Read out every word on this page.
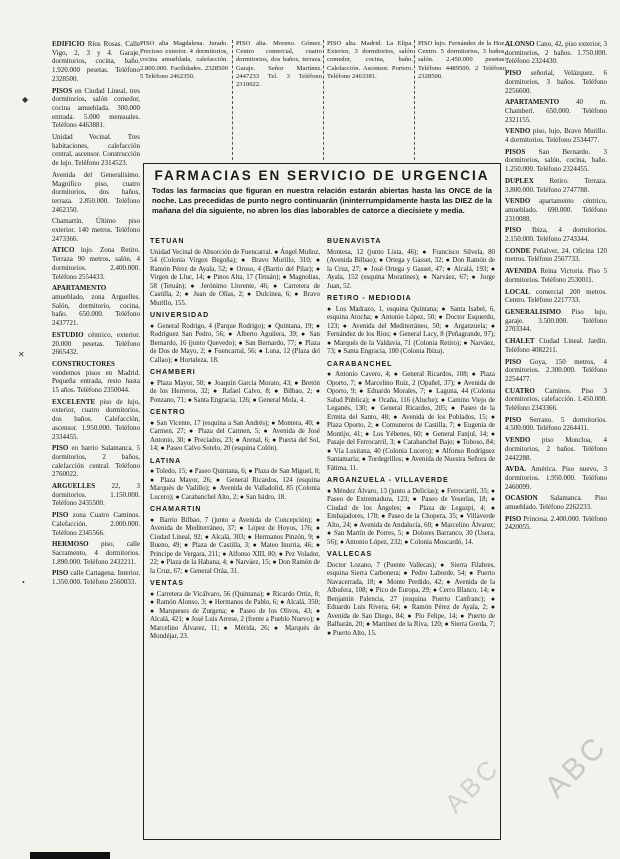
PISO alta Magdalena. Jurado. Precioso exterior. 4 dormitorios, cocina amueblada, calefacción. 2.800.000. Facilidades. 2328500 5 Teléfono 2462350.
PISO alta. Moreno. Gómez. Centro comercial, cuatro dormitorios, dos baños, terraza. Garaje. Señor Martínez. 2447233 Tel. 3 Teléfono 2310022.
PISO alta. Madrid. La Elipa. Exterior, 3 dormitorios, salón comedor, cocina, baño. Calefacción. Ascensor. Portero. Teléfono 2463381.
PISO lujo. Fernández de la Hoz. Centro. 5 dormitorios, 3 baños, salón. 2.450.000 pesetas. Teléfono 4489500. 2 Teléfono 2328500.

EDIFICIO Ríos Rosas. Calle Vigo, 2, 3 y 4. Garaje, dormitorios, cocina, baño. 1.920.000 pesetas. Teléfono 2328500.

PISOS en Ciudad Lineal, tres dormitorios, salón comedor, cocina amueblada. 300.000 entrada. 5.000 mensuales. Teléfono 4463881.

Unidad Vecinal. Tres habitaciones, calefacción central, ascensor. Construcción de lujo. Teléfono 2314523.

Avenida del Generalísimo. Magnífico piso, cuatro dormitorios, dos baños, terraza. 2.850.000. Teléfono 2462350.

Chamartín. Último piso exterior. 140 metros. Teléfono 2473366.

ATICO lujo. Zona Retiro. Terraza 90 metros, salón, 4 dormitorios. 2.400.000. Teléfono 2554433.

APARTAMENTO amueblado, zona Arguelles. Salón, dormitorio, cocina, baño. 650.000. Teléfono 2437721.

ESTUDIO céntrico, exterior. 20.000 pesetas. Teléfono 2665432.

CONSTRUCTORES vendemos pisos en Madrid. Pequeña entrada, resto hasta 15 años. Teléfono 2350044.

EXCELENTE piso de lujo, exterior, cuatro dormitorios, dos baños. Calefacción, ascensor. 1.950.000. Teléfono 2334455.

PISO en barrio Salamanca. 5 dormitorios, 2 baños, calefacción central. Teléfono 2760022.

ARGUELLES 22, 3 dormitorios. 1.150.000. Teléfono 2435500.

PISO zona Cuatro Caminos. Calefacción. 2.000.000. Teléfono 2345566.

HERMOSO piso, calle Sacramento, 4 dormitorios. 1.890.000. Teléfono 2432211.

PISO calle Cartagena. Interior. 1.350.000. Teléfono 2560033.

ALONSO Cano, 42, piso exterior, 3 dormitorios, 2 baños. 1.750.000. Teléfono 2324430.

PISO señorial, Velázquez. 6 dormitorios, 3 baños. Teléfono 2256600.

APARTAMENTO 40 m. Chamberí. 650.000. Teléfono 2321155.

VENDO piso, lujo, Bravo Murillo. 4 dormitorios. Teléfono 2534477.

PISOS San Bernardo. 3 dormitorios, salón, cocina, baño. 1.250.000. Teléfono 2324455.

DUPLEX Retiro. Terraza. 3.800.000. Teléfono 2747788.

VENDO apartamento céntrico, amueblado. 690.000. Teléfono 2310088.

PISO Ibiza, 4 dormitorios. 2.150.000. Teléfono 2743344.

CONDE Peñalver, 24. Oficina 120 metros. Teléfono 2567733.

AVENIDA Reina Victoria. Piso 5 dormitorios. Teléfono 2530011.

LOCAL comercial 200 metros. Centro. Teléfono 2217733.

GENERALISIMO Piso lujo, garaje. 3.500.000. Teléfono 2703344.

CHALET Ciudad Lineal. Jardín. Teléfono 4082211.

PISO Goya, 150 metros, 4 dormitorios. 2.300.000. Teléfono 2254477.

CUATRO Caminos. Piso 3 dormitorios, calefacción. 1.450.000. Teléfono 2343366.

PISO Serrano. 5 dormitorios. 4.500.000. Teléfono 2264411.

VENDO piso Moncloa, 4 dormitorios, 2 baños. Teléfono 2442288.

AVDA. América. Piso nuevo, 3 dormitorios. 1.950.000. Teléfono 2460099.

OCASION Salamanca. Piso amueblado. Teléfono 2262233.

PISO Princesa. 2.400.000. Teléfono 2420055.

FARMACIAS EN SERVICIO DE URGENCIA
Todas las farmacias que figuran en nuestra relación estarán abiertas hasta las ONCE de la noche. Las precedidas de punto negro continuarán (ininterrumpidamente hasta las DIEZ de la mañana del día siguiente, no abren los días laborables de catorce a diecisiete y media.
TETUAN
Unidad Vecinal de Absorción de Fuencarral. ● Ángel Muñoz, 54 (Colonia Virgen Begoña); ● Bravo Murillo, 310; ● Ramón Pérez de Ayala, 52; ● Oroso, 4 (Barrio del Pilar); ● Virgen de Lluc, 14; ● Pinos Alta, 17 (Tetuán); ● Magnolias, 58 (Tetuán); ● Jerónimo Llorente, 46; ● Carretera de Castilla, 2; ● Juan de Olías, 2; ● Dulcinea, 6; ● Bravo Murillo, 155.
UNIVERSIDAD
● General Rodrigo, 4 (Parque Rodrigo); ● Quintana, 19; ● Rodríguez San Pedro, 56; ● Alberto Aguilera, 39; ● San Bernardo, 16 (junto Quevedo); ● San Bernardo, 77; ● Plaza de Dos de Mayo, 2; ● Fuencarral, 56; ● Luna, 12 (Plaza del Callao); ● Hortaleza, 18.
CHAMBERI
● Plaza Mayor, 50; ● Joaquín García Morato, 43; ● Bretón de los Herreros, 32; ● Rafael Calvo, 8; ● Bilbao, 2; ● Ponzano, 71; ● Santa Engracia, 126; ● General Mola, 4.
CENTRO
● San Vicente, 17 (esquina a San Andrés); ● Montera, 40; ● Carmen, 27; ● Plaza del Carmen, 5; ● Avenida de José Antonio, 30; ● Preciados, 23; ● Arenal, 6; ● Puerta del Sol, 14; ● Paseo Calvo Sotelo, 20 (esquina Colón).
LATINA
● Toledo, 15; ● Paseo Quintana, 6; ● Plaza de San Miguel, 8; ● Plaza Mayor, 26; ● General Ricardos, 124 (esquina Marqués de Vadillo); ● Avenida de Valladolid, 85 (Colonia Lucero); ● Carabanchel Alto, 2; ● San Isidro, 18.
CHAMARTIN
● Barrio Bilbao, 7 (junto a Avenida de Concepción); ● Avenida de Mediterráneo, 37; ● López de Hoyos, 176; ● Ciudad Lineal, 92; ● Alcalá, 303; ● Hermanos Pinzón, 9; ● Bueno, 49; ● Plaza de Castilla, 3; ● Mateo Inurria, 46; ● Principe de Vergara, 211; ● Alfonso XIII, 80; ● Pez Volador, 22; ● Plaza de la Habana, 4; ● Narváez, 15; ● Don Ramón de la Cruz, 67; ● General Oráa, 31.
VENTAS
● Carretera de Vicálvaro, 56 (Quintana); ● Ricardo Ortiz, 8; ● Ramón Alonso, 3; ● Hermanos de Pablo, 6; ● Alcalá, 350; ● Marqueses de Zurgena; ● Paseo de los Olivos, 43; ● Alcalá, 421; ● José Luis Arrese, 2 (frente a Pueblo Nuevo); ● Marcelino Álvarez, 11; ● Mérida, 26; ● Marqués de Mondéjar, 23.
BUENAVISTA
Montesa, 12 (junto Lista, 46); ● Francisco Silvela, 80 (Avenida Bilbao); ● Ortega y Gasset, 32; ● Don Ramón de la Cruz, 27; ● José Ortega y Gasset, 47; ● Alcalá, 193; ● Ayala, 152 (esquina Moratines); ● Narváez, 67; ● Jorge Juan, 52.
RETIRO - MEDIODIA
● Los Madrazo, 1, esquina Quintana; ● Santa Isabel, 6, esquina Atocha; ● Antonio López, 50; ● Doctor Esquerdo, 123; ● Avenida del Mediterráneo, 50; ● Arganzuela; ● Fernández de los Ríos; ● General Lacy, 8 (Peñagrande, 97); ● Marqués de la Valdavia, 71 (Colonia Retiro); ● Narváez, 73; ● Santa Engracia, 180 (Colonia Ibiza).
CARABANCHEL
● Antonio Cavero, 4; ● General Ricardos, 108; ● Plaza Oporto, 7; ● Marcelino Ruiz, 2 (Opañel, 37); ● Avenida de Oporto, 9; ● Eduardo Morales, 7; ● Laguna, 44 (Colonia Salud Pública); ● Ocaña, 116 (Aluche); ● Camino Viejo de Leganés, 130; ● General Ricardos, 205; ● Paseo de la Ermita del Santo, 48; ● Avenida de los Poblados, 15; ● Plaza Oporto, 2; ● Comuneros de Castilla, 7; ● Eugenia de Montijo, 41; ● Los Yébenes, 60; ● General Fanjul, 14; ● Pasaje del Ferrocarril, 3; ● Carabanchel Bajo; ● Toboso, 84; ● Vía Lusitana, 40 (Colonia Lucero); ● Alfonso Rodríguez Santamaría; ● Tordegrillos; ● Avenida de Nuestra Señora de Fátima, 11.
ARGANZUELA - VILLAVERDE
● Méndez Álvaro, 13 (junto a Delicias); ● Ferrocarril, 35; ● Paseo de Extremadura, 123; ● Paseo de Yeserías, 18; ● Ciudad de los Ángeles; ● Plaza de Legazpi, 4; ● Embajadores, 178; ● Paseo de la Chopera, 35; ● Villaverde Alto, 24; ● Avenida de Andalucía, 60; ● Marcelino Álvarez; ● San Martín de Porres, 5; ● Dolores Barranco, 30 (Usera, 56); ● Antonio López, 232; ● Colonia Moscardó, 14.
VALLECAS
Doctor Lozano, 7 (Puente Vallecas); ● Sierra Filabres, esquina Sierra Carbonera; ● Pedro Laborde, 54; ● Puerto Navacerrada, 18; ● Monte Perdido, 42; ● Avenida de la Albufera, 108; ● Pico de Europa, 29; ● Cerro Blanco, 14; ● Benjamín Palencia, 27 (esquina Puerto Canfranc); ● Eduardo Luis Rivera, 64; ● Ramón Pérez de Ayala, 2; ● Avenida de San Diego, 84; ● Pío Felipe, 14; ● Puerto de Balbarán, 20; ● Martínez de la Riva, 120; ● Sierra Gorda, 7; ● Puerto Alto, 15.
◆
✕
•
ABC
ABC
